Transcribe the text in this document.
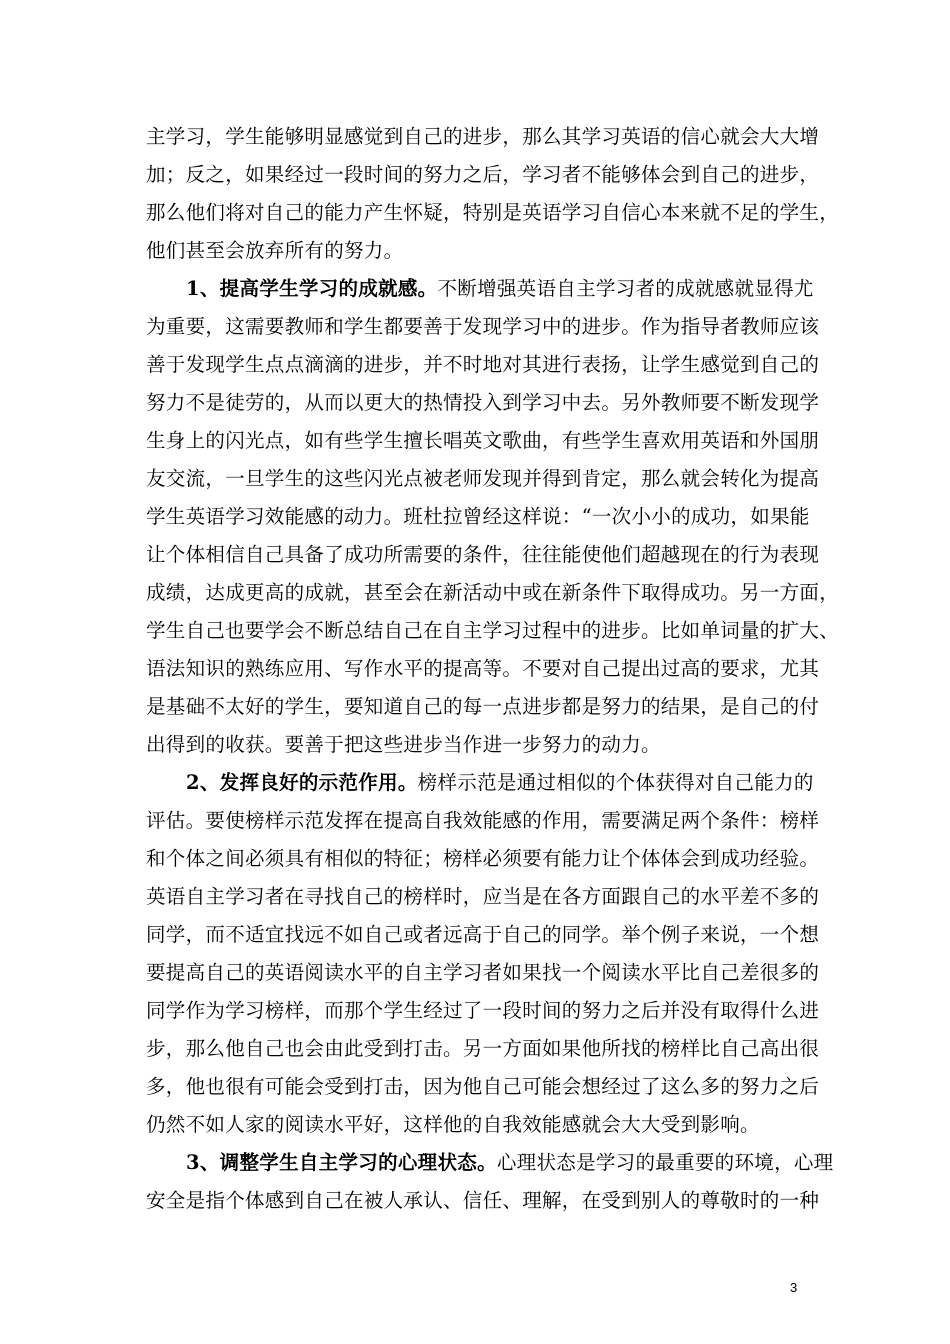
主学习，学生能够明显感觉到自己的进步，那么其学习英语的信心就会大大增
加；反之，如果经过一段时间的努力之后，学习者不能够体会到自己的进步，
那么他们将对自己的能力产生怀疑，特别是英语学习自信心本来就不足的学生，
他们甚至会放弃所有的努力。
1、提高学生学习的成就感。不断增强英语自主学习者的成就感就显得尤
为重要，这需要教师和学生都要善于发现学习中的进步。作为指导者教师应该
善于发现学生点点滴滴的进步，并不时地对其进行表扬，让学生感觉到自己的
努力不是徒劳的，从而以更大的热情投入到学习中去。另外教师要不断发现学
生身上的闪光点，如有些学生擅长唱英文歌曲，有些学生喜欢用英语和外国朋
友交流，一旦学生的这些闪光点被老师发现并得到肯定，那么就会转化为提高
学生英语学习效能感的动力。班杜拉曾经这样说：“一次小小的成功，如果能
让个体相信自己具备了成功所需要的条件，往往能使他们超越现在的行为表现
成绩，达成更高的成就，甚至会在新活动中或在新条件下取得成功。另一方面，
学生自己也要学会不断总结自己在自主学习过程中的进步。比如单词量的扩大、
语法知识的熟练应用、写作水平的提高等。不要对自己提出过高的要求，尤其
是基础不太好的学生，要知道自己的每一点进步都是努力的结果，是自己的付
出得到的收获。要善于把这些进步当作进一步努力的动力。
2、发挥良好的示范作用。榜样示范是通过相似的个体获得对自己能力的
评估。要使榜样示范发挥在提高自我效能感的作用，需要满足两个条件：榜样
和个体之间必须具有相似的特征；榜样必须要有能力让个体体会到成功经验。
英语自主学习者在寻找自己的榜样时，应当是在各方面跟自己的水平差不多的
同学，而不适宜找远不如自己或者远高于自己的同学。举个例子来说，一个想
要提高自己的英语阅读水平的自主学习者如果找一个阅读水平比自己差很多的
同学作为学习榜样，而那个学生经过了一段时间的努力之后并没有取得什么进
步，那么他自己也会由此受到打击。另一方面如果他所找的榜样比自己高出很
多，他也很有可能会受到打击，因为他自己可能会想经过了这么多的努力之后
仍然不如人家的阅读水平好，这样他的自我效能感就会大大受到影响。
3、调整学生自主学习的心理状态。心理状态是学习的最重要的环境，心理
安全是指个体感到自己在被人承认、信任、理解，在受到别人的尊敬时的一种
3
